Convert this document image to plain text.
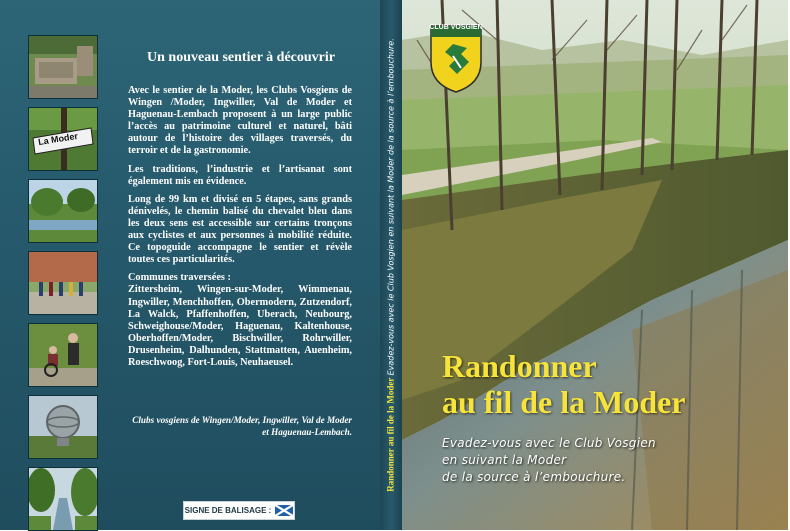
La Moder
Un nouveau sentier à découvrir

Avec le sentier de la Moder, les Clubs Vosgiens de Wingen /Moder, Ingwiller, Val de Moder et Haguenau-Lembach proposent à un large public l’accès au patrimoine culturel et naturel, bâti autour de l’histoire des villages traversés, du terroir et de la gastronomie.

Les traditions, l’industrie et l’artisanat sont également mis en évidence.

Long de 99 km et divisé en 5 étapes, sans grands dénivelés, le chemin balisé du chevalet bleu dans les deux sens est accessible sur certains tronçons aux cyclistes et aux personnes à mobilité réduite. Ce topoguide accompagne le sentier et révèle toutes ces particularités.

Communes traversées :

Zittersheim, Wingen-sur-Moder, Wimmenau, Ingwiller, Menchhoffen, Obermodern, Zutzendorf, La Walck, Pfaffenhoffen, Uberach, Neubourg, Schweighouse/Moder, Haguenau, Kaltenhouse, Oberhoffen/Moder, Bischwiller, Rohrwiller, Drusenheim, Dalhunden, Stattmatten, Auenheim, Roeschwoog, Fort-Louis, Neuhaeusel.

Clubs vosgiens de Wingen/Moder, Ingwiller, Val de Moder et Haguenau-Lembach.
SIGNE DE BALISAGE :
Randonner au fil de la Moder Evadez-vous avec le Club Vosgien en suivant la Moder de la source à l’embouchure.
CLUB VOSGIEN
Randonner
au fil de la Moder
Evadez-vous avec le Club Vosgien
en suivant la Moder
de la source à l’embouchure.
